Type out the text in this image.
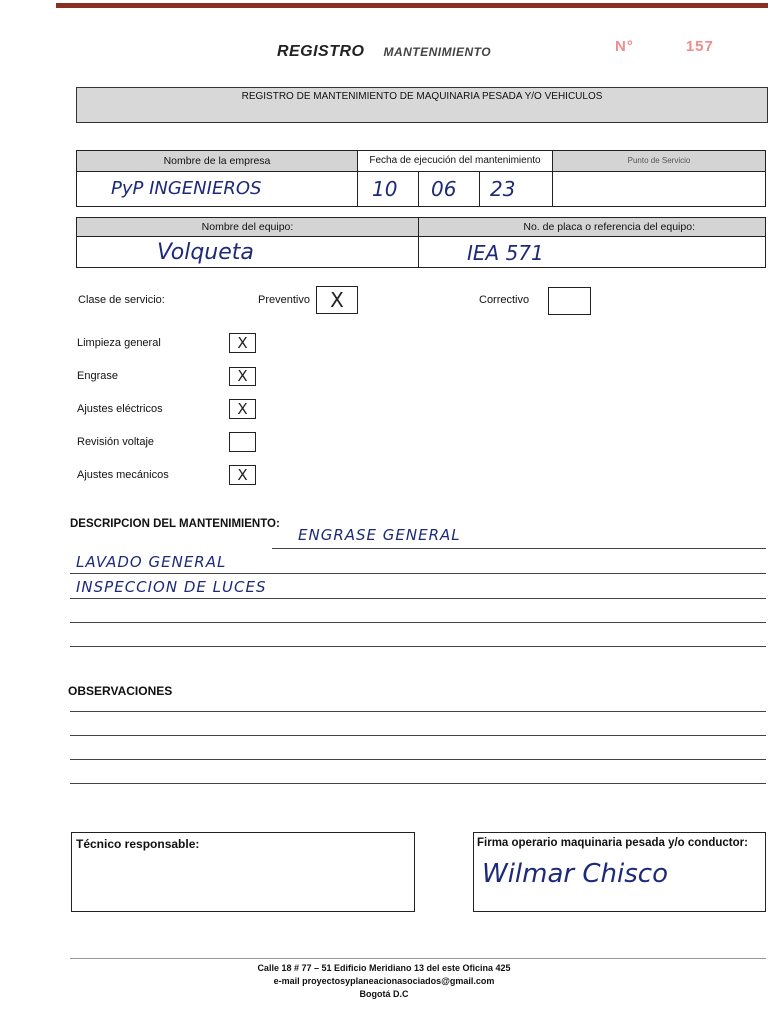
REGISTRO MANTENIMIENTO	N°	157
REGISTRO DE MANTENIMIENTO DE MAQUINARIA PESADA Y/O VEHICULOS
Nombre de la empresa	Fecha de ejecución del mantenimiento	Punto de Servicio
PyP INGENIEROS	10	06	23
Nombre del equipo:	No. de placa o referencia del equipo:
Volqueta	IEA 571
Clase de servicio:	Preventivo	X	Correctivo
Limpieza general	X
Engrase	X
Ajustes eléctricos	X
Revisión voltaje
Ajustes mecánicos	X
DESCRIPCION DEL MANTENIMIENTO:
ENGRASE GENERAL
LAVADO GENERAL
INSPECCION DE LUCES
OBSERVACIONES
Técnico responsable:	Firma operario maquinaria pesada y/o conductor:
Wilmar Chisco
Calle 18 # 77 – 51 Edificio Meridiano 13 del este Oficina 425
e-mail proyectosyplaneacionasociados@gmail.com
Bogotá D.C
